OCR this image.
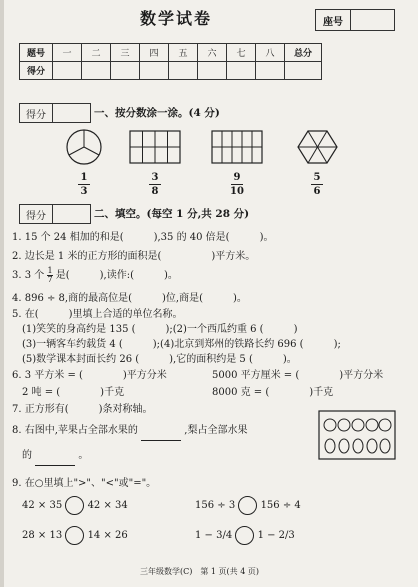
数学试卷	座号
题号	一	二	三	四	五	六	七	八	总分
得分									
得分	一、按分数涂一涂。(4 分)
1
3
3
8
9
10
5
6
得分	二、填空。(每空 1 分,共 28 分)
1. 15 个 24 相加的和是(　　　),35 的 40 倍是(　　　)。
2. 边长是 1 米的正方形的面积是(　　　　　)平方米。
3. 3 个 $\frac{1}{7}$ 是(　　　),读作:(　　　)。
4. 896 ÷ 8,商的最高位是(　　　)位,商是(　　　)。
5. 在(　　　)里填上合适的单位名称。
(1)笑笑的身高约是 135 (　　　);(2)一个西瓜约重 6 (　　　)
(3)一辆客车约载货 4 (　　　);(4)北京到郑州的铁路长约 696 (　　　);
(5)数学课本封面长约 26 (　　　),它的面积约是 5 (　　　)。
6. 3 平方米 = (　　　　)平方分米	5000 平方厘米 = (　　　　)平方分米
2 吨 = (　　　　)千克	8000 克 = (　　　　)千克
7. 正方形有(　　　)条对称轴。
8. 右图中,苹果占全部水果的	,梨占全部水果
的	。
9. 在○里填上">"、"<"或"="。
42 × 35	42 × 34	156 ÷ 3	156 ÷ 4
28 × 13	14 × 26	1 − 3/4	1 − 2/3
三年级数学(C)　第 1 页(共 4 页)
